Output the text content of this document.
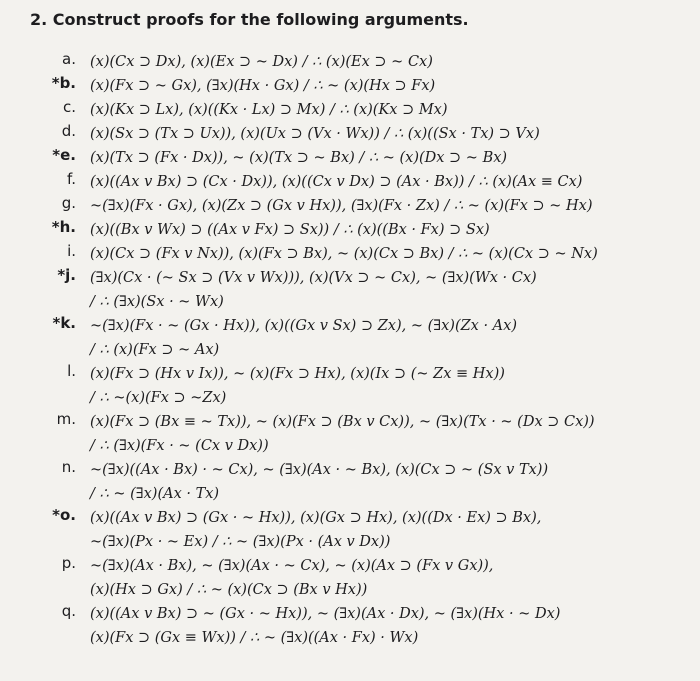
2. Construct proofs for the following arguments.
a. (x)(Cx ⊃ Dx), (x)(Ex ⊃ ~ Dx) / ∴ (x)(Ex ⊃ ~ Cx)
*b. (x)(Fx ⊃ ~ Gx), (∃x)(Hx · Gx) / ∴ ~ (x)(Hx ⊃ Fx)
c. (x)(Kx ⊃ Lx), (x)((Kx · Lx) ⊃ Mx) / ∴ (x)(Kx ⊃ Mx)
d. (x)(Sx ⊃ (Tx ⊃ Ux)), (x)(Ux ⊃ (Vx · Wx)) / ∴ (x)((Sx · Tx) ⊃ Vx)
*e. (x)(Tx ⊃ (Fx · Dx)), ~ (x)(Tx ⊃ ~ Bx) / ∴ ~ (x)(Dx ⊃ ~ Bx)
f. (x)((Ax v Bx) ⊃ (Cx · Dx)), (x)((Cx v Dx) ⊃ (Ax · Bx)) / ∴ (x)(Ax ≡ Cx)
g. ~(∃x)(Fx · Gx), (x)(Zx ⊃ (Gx v Hx)), (∃x)(Fx · Zx) / ∴ ~ (x)(Fx ⊃ ~ Hx)
*h. (x)((Bx v Wx) ⊃ ((Ax v Fx) ⊃ Sx)) / ∴ (x)((Bx · Fx) ⊃ Sx)
i. (x)(Cx ⊃ (Fx v Nx)), (x)(Fx ⊃ Bx), ~ (x)(Cx ⊃ Bx) / ∴ ~ (x)(Cx ⊃ ~ Nx)
*j. (∃x)(Cx · (~ Sx ⊃ (Vx v Wx))), (x)(Vx ⊃ ~ Cx), ~ (∃x)(Wx · Cx)
/ ∴ (∃x)(Sx · ~ Wx)
*k. ~(∃x)(Fx · ~ (Gx · Hx)), (x)((Gx v Sx) ⊃ Zx), ~ (∃x)(Zx · Ax)
/ ∴ (x)(Fx ⊃ ~ Ax)
l. (x)(Fx ⊃ (Hx v Ix)), ~ (x)(Fx ⊃ Hx), (x)(Ix ⊃ (~ Zx ≡ Hx))
/ ∴ ~(x)(Fx ⊃ ~Zx)
m. (x)(Fx ⊃ (Bx ≡ ~ Tx)), ~ (x)(Fx ⊃ (Bx v Cx)), ~ (∃x)(Tx · ~ (Dx ⊃ Cx))
/ ∴ (∃x)(Fx · ~ (Cx v Dx))
n. ~(∃x)((Ax · Bx) · ~ Cx), ~ (∃x)(Ax · ~ Bx), (x)(Cx ⊃ ~ (Sx v Tx))
/ ∴ ~ (∃x)(Ax · Tx)
*o. (x)((Ax v Bx) ⊃ (Gx · ~ Hx)), (x)(Gx ⊃ Hx), (x)((Dx · Ex) ⊃ Bx),
~(∃x)(Px · ~ Ex) / ∴ ~ (∃x)(Px · (Ax v Dx))
p. ~(∃x)(Ax · Bx), ~ (∃x)(Ax · ~ Cx), ~ (x)(Ax ⊃ (Fx v Gx)),
(x)(Hx ⊃ Gx) / ∴ ~ (x)(Cx ⊃ (Bx v Hx))
q. (x)((Ax v Bx) ⊃ ~ (Gx · ~ Hx)), ~ (∃x)(Ax · Dx), ~ (∃x)(Hx · ~ Dx)
(x)(Fx ⊃ (Gx ≡ Wx)) / ∴ ~ (∃x)((Ax · Fx) · Wx)
